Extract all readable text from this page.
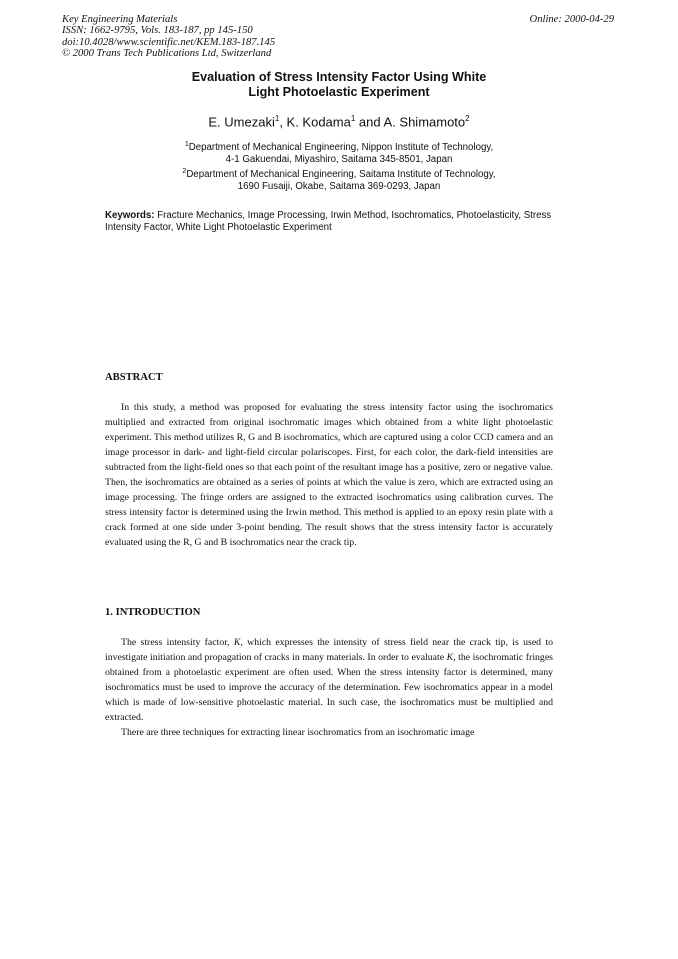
Key Engineering Materials
ISSN: 1662-9795, Vols. 183-187, pp 145-150
doi:10.4028/www.scientific.net/KEM.183-187.145
© 2000 Trans Tech Publications Ltd, Switzerland
Online: 2000-04-29
Evaluation of Stress Intensity Factor Using White
Light Photoelastic Experiment
E. Umezaki$^1$, K. Kodama$^1$ and A. Shimamoto$^2$
$^1$Department of Mechanical Engineering, Nippon Institute of Technology,
4-1 Gakuendai, Miyashiro, Saitama 345-8501, Japan
$^2$Department of Mechanical Engineering, Saitama Institute of Technology,
1690 Fusaiji, Okabe, Saitama 369-0293, Japan
Keywords: Fracture Mechanics, Image Processing, Irwin Method, Isochromatics, Photoelasticity, Stress Intensity Factor, White Light Photoelastic Experiment
ABSTRACT

In this study, a method was proposed for evaluating the stress intensity factor using the isochromatics multiplied and extracted from original isochromatic images which obtained from a white light photoelastic experiment. This method utilizes R, G and B isochromatics, which are captured using a color CCD camera and an image processor in dark- and light-field circular polariscopes. First, for each color, the dark-field intensities are subtracted from the light-field ones so that each point of the resultant image has a positive, zero or negative value. Then, the isochromatics are obtained as a series of points at which the value is zero, which are extracted using an image processing. The fringe orders are assigned to the extracted isochromatics using calibration curves. The stress intensity factor is determined using the Irwin method. This method is applied to an epoxy resin plate with a crack formed at one side under 3-point bending. The result shows that the stress intensity factor is accurately evaluated using the R, G and B isochromatics near the crack tip.

1. INTRODUCTION

The stress intensity factor, K, which expresses the intensity of stress field near the crack tip, is used to investigate initiation and propagation of cracks in many materials. In order to evaluate K, the isochromatic fringes obtained from a photoelastic experiment are often used. When the stress intensity factor is determined, many isochromatics must be used to improve the accuracy of the determination. Few isochromatics appear in a model which is made of low-sensitive photoelastic material. In such case, the isochromatics must be multiplied and extracted.

There are three techniques for extracting linear isochromatics from an isochromatic image
